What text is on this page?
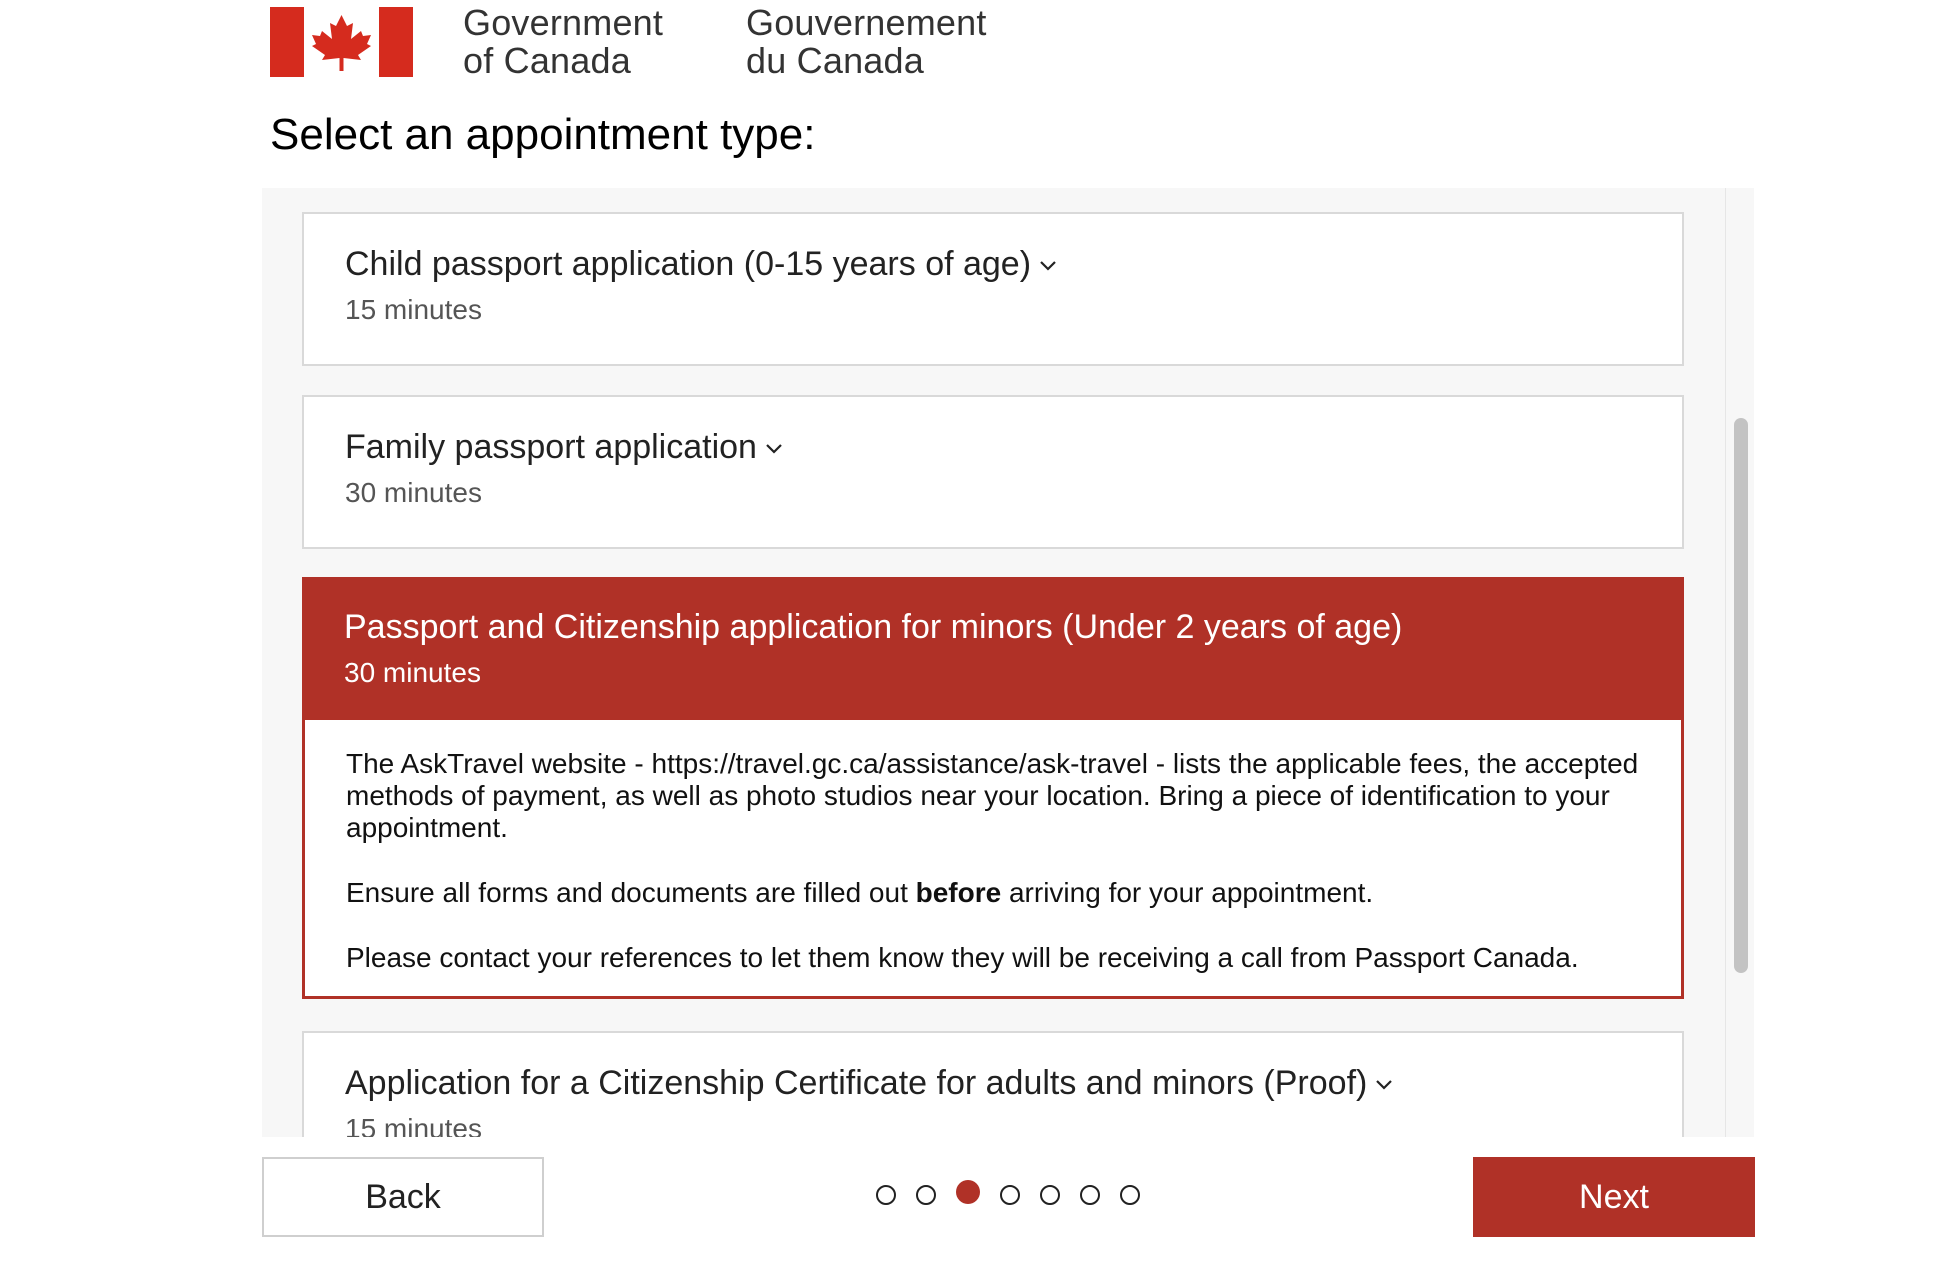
Government
of Canada
Gouvernement
du Canada
Select an appointment type:
Child passport application (0-15 years of age)
15 minutes
Family passport application
30 minutes
Passport and Citizenship application for minors (Under 2 years of age)
30 minutes

The AskTravel website - https://travel.gc.ca/assistance/ask-travel - lists the applicable fees, the accepted methods of payment, as well as photo studios near your location. Bring a piece of identification to your appointment.

Ensure all forms and documents are filled out before arriving for your appointment.

Please contact your references to let them know they will be receiving a call from Passport Canada.

Application for a Citizenship Certificate for adults and minors (Proof)
15 minutes
Back	Next
